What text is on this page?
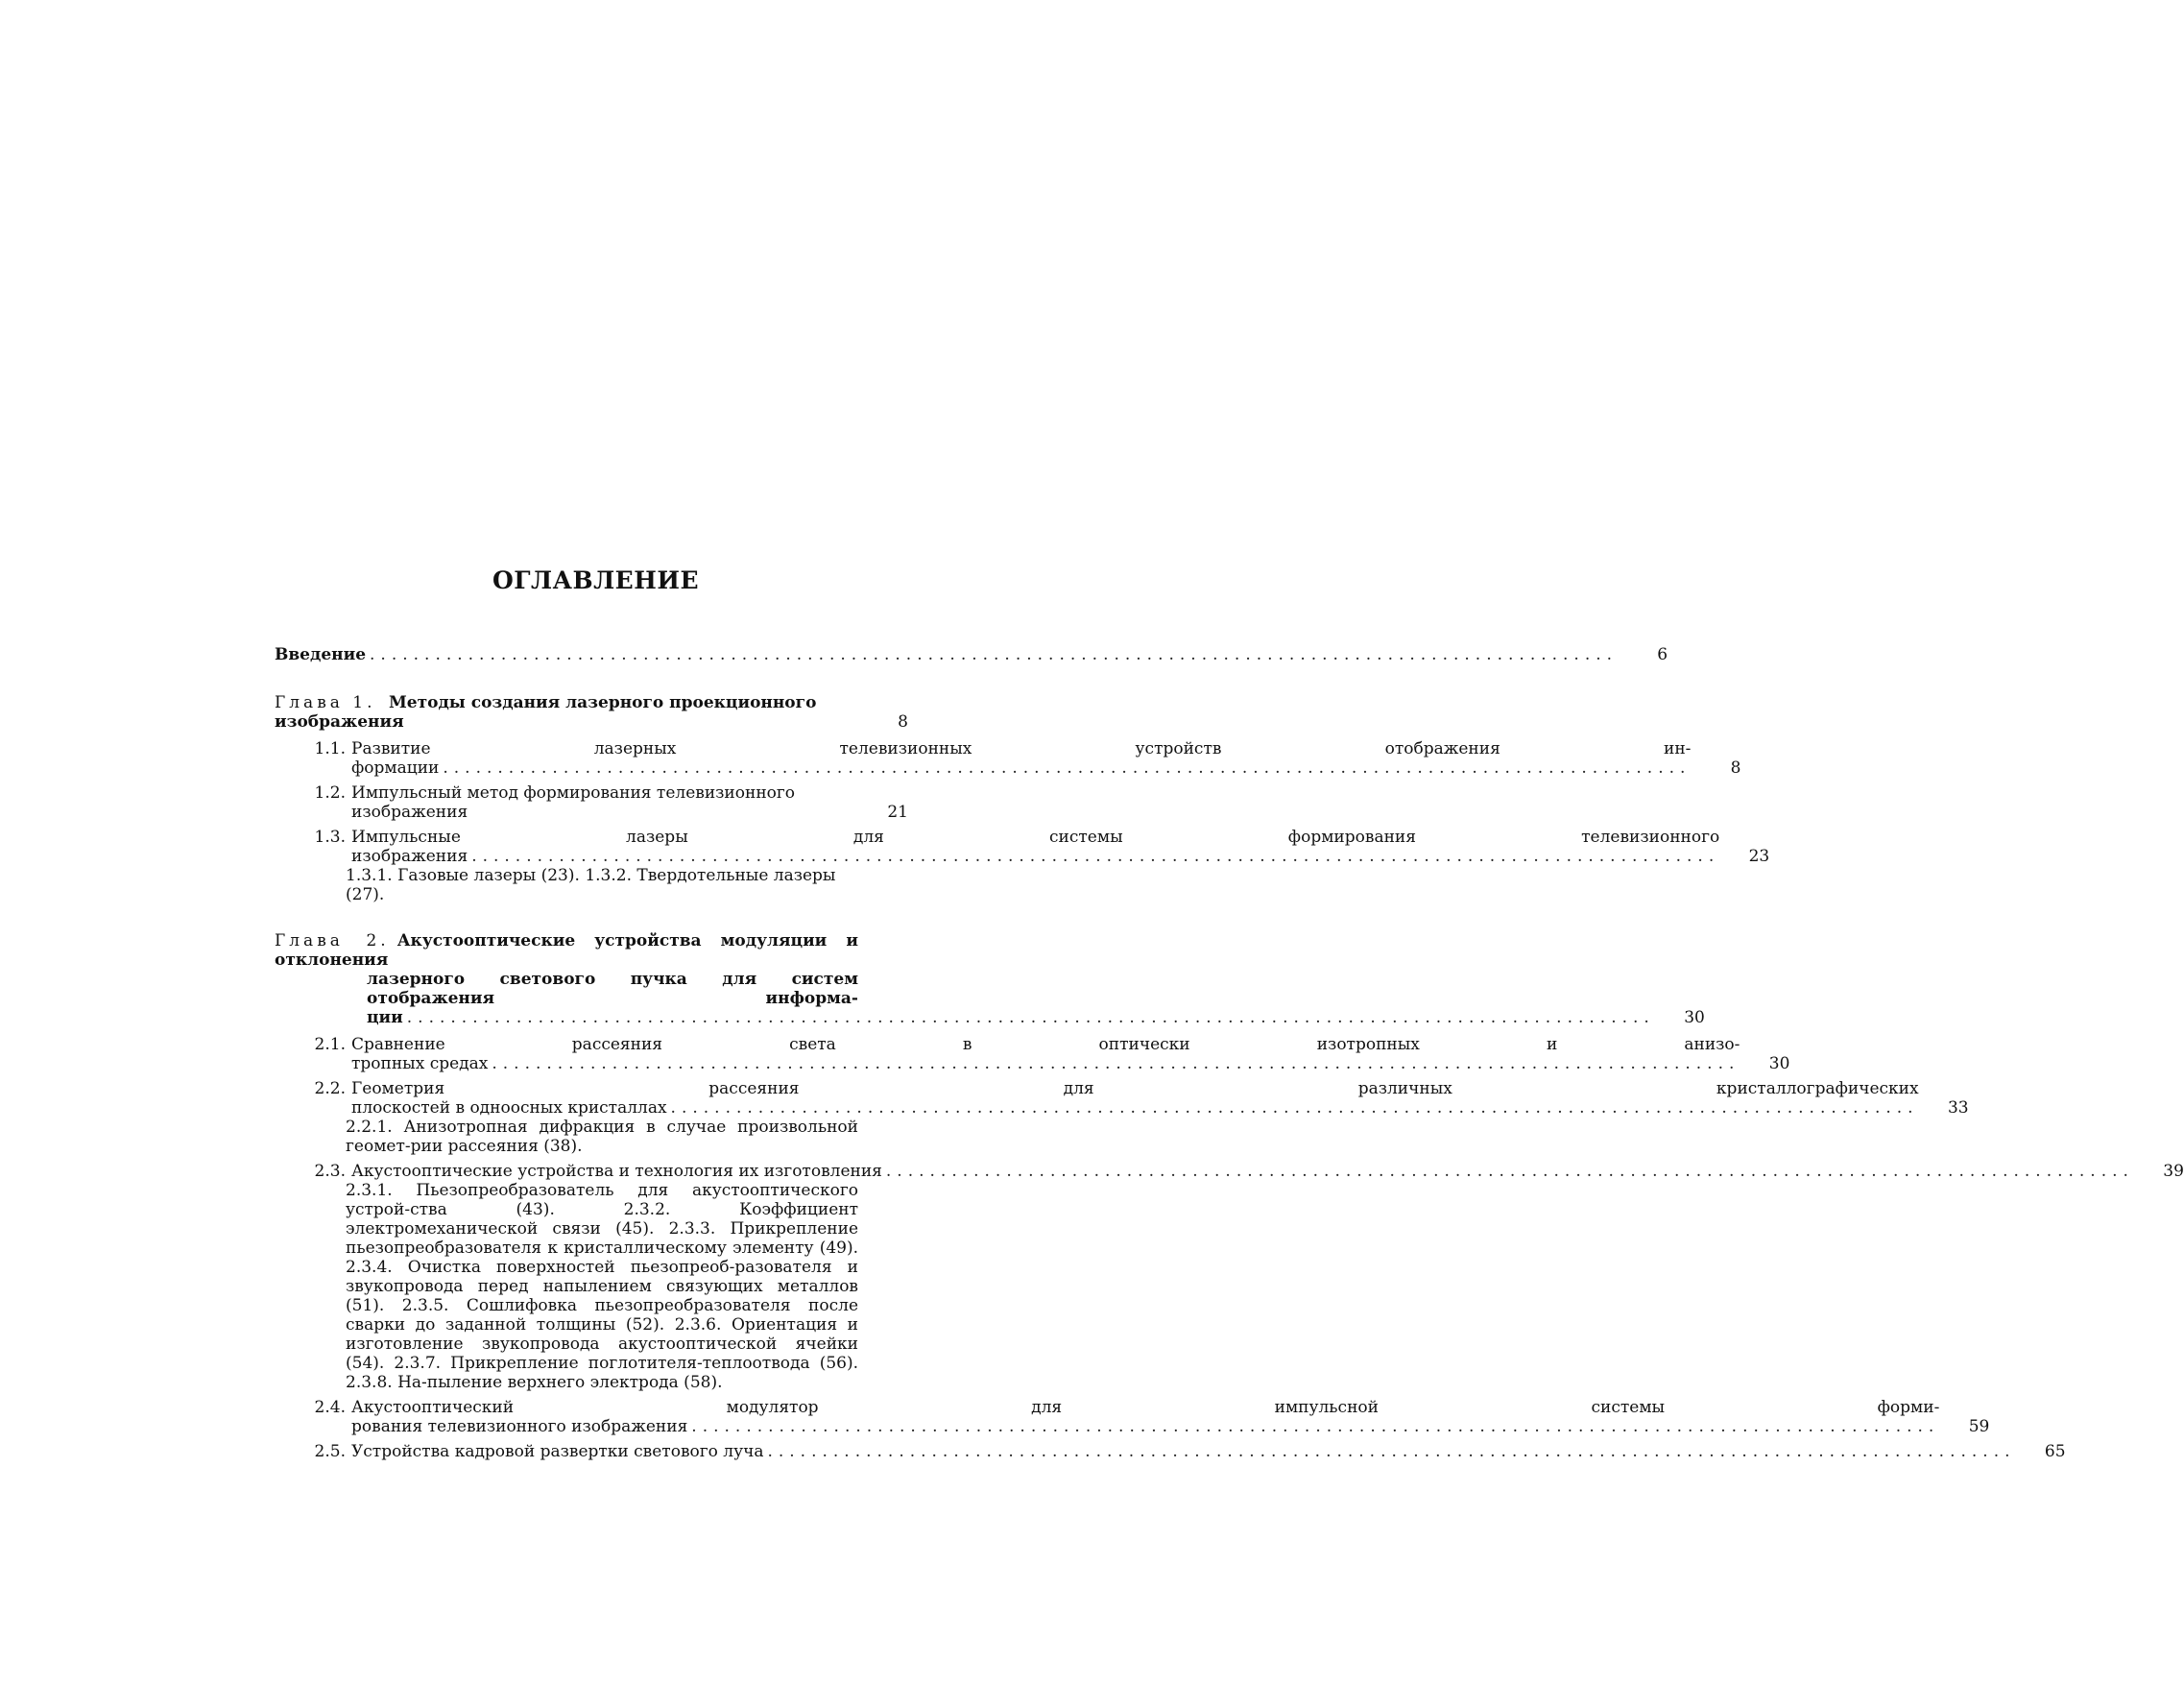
ОГЛАВЛЕНИЕ
Введение ..................................................................................................................	6
Глава 1. Методы создания лазерного проекционного изображения	8
1.1. Развитие лазерных телевизионных устройств отображения ин-
формации ..................................................................................................................	8
1.2. Импульсный метод формирования телевизионного изображения	21
1.3. Импульсные лазеры для системы формирования телевизионного
изображения ..................................................................................................................	23
1.3.1. Газовые лазеры (23). 1.3.2. Твердотельные лазеры (27).
Глава 2. Акустооптические устройства модуляции и отклонения
лазерного светового пучка для систем отображения информа-
ции ..................................................................................................................	30
2.1. Сравнение рассеяния света в оптически изотропных и анизо-
тропных средах ..................................................................................................................	30
2.2. Геометрия рассеяния для различных кристаллографических
плоскостей в одноосных кристаллах ..................................................................................................................	33
2.2.1. Анизотропная дифракция в случае произвольной геомет-рии рассеяния (38).
2.3. Акустооптические устройства и технология их изготовления ..................................................................................................................	39
2.3.1. Пьезопреобразователь для акустооптического устрой-ства (43). 2.3.2. Коэффициент электромеханической связи (45). 2.3.3. Прикрепление пьезопреобразователя к кристаллическому элементу (49). 2.3.4. Очистка поверхностей пьезопреоб-разователя и звукопровода перед напылением связующих металлов (51). 2.3.5. Сошлифовка пьезопреобразователя после сварки до заданной толщины (52). 2.3.6. Ориентация и изготовление звукопровода акустооптической ячейки (54). 2.3.7. Прикрепление поглотителя-теплоотвода (56). 2.3.8. На-пыление верхнего электрода (58).
2.4. Акустооптический модулятор для импульсной системы форми-
рования телевизионного изображения ..................................................................................................................	59
2.5. Устройства кадровой развертки светового луча ..................................................................................................................	65
